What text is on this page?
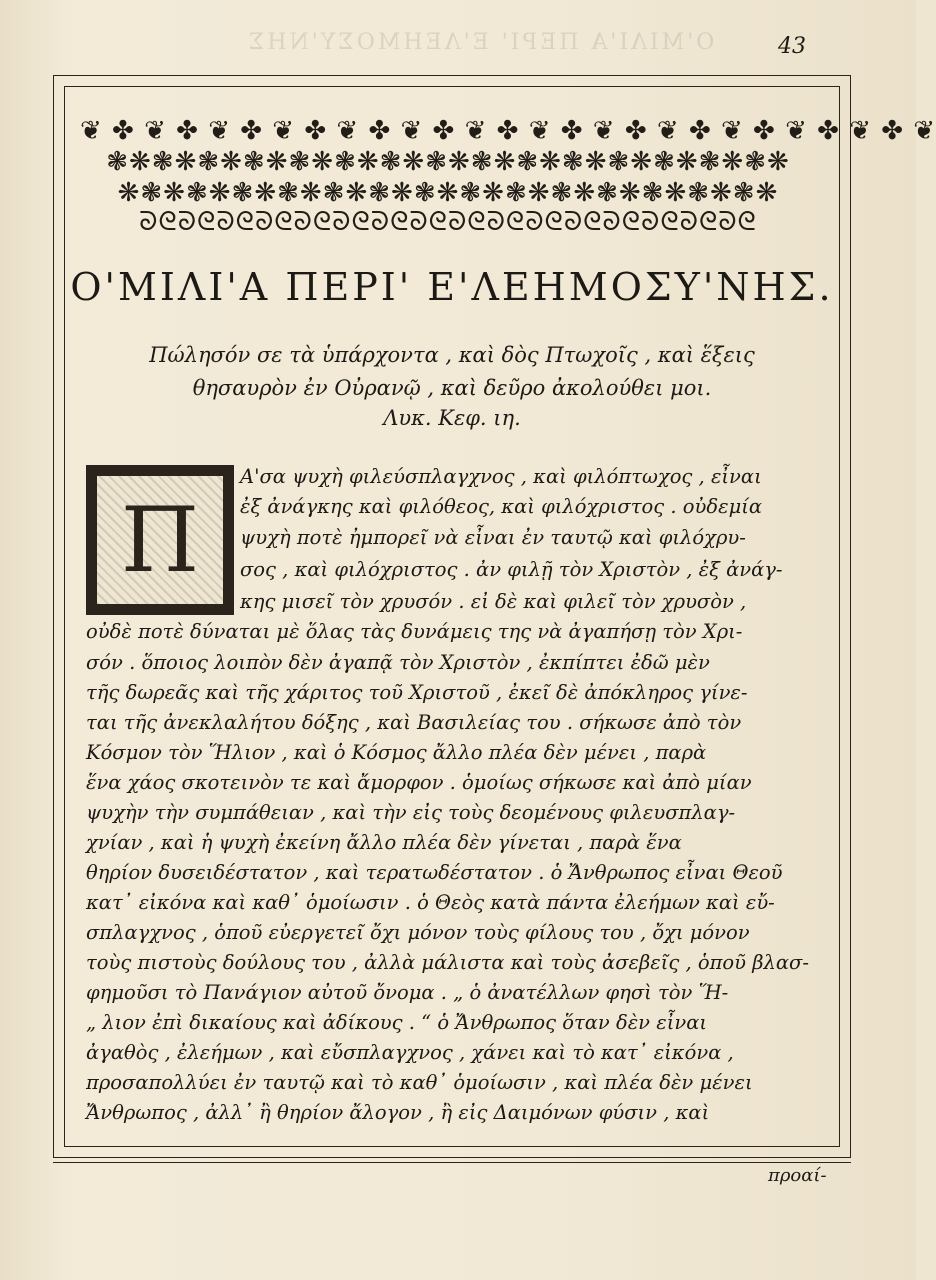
Ο'ΜΙΛΙ'Α ΠΕΡΙ' Ε'ΛΕΗΜΟΣΥ'ΝΗΣ	43
❦ ✤ ❦ ✤ ❦ ✤ ❦ ✤ ❦ ✤ ❦ ✤ ❦ ✤ ❦ ✤ ❦ ✤ ❦ ✤ ❦ ✤ ❦ ✤ ❦ ✤ ❦
❃❋❃❋❃❋❃❋❃❋❃❋❃❋❃❋❃❋❃❋❃❋❃❋❃❋❃❋❃❋
❋❃❋❃❋❃❋❃❋❃❋❃❋❃❋❃❋❃❋❃❋❃❋❃❋❃❋❃❋
ᘐᘓᘐᘓᘐᘓᘐᘓᘐᘓᘐᘓᘐᘓᘐᘓᘐᘓᘐᘓᘐᘓᘐᘓᘐᘓᘐᘓᘐᘓᘐᘓ
Ο'ΜΙΛΙ'Α ΠΕΡΙ' Ε'ΛΕΗΜΟΣΥ'ΝΗΣ.
Πώλησόν σε τὰ ὑπάρχοντα , καὶ δὸς Πτωχοῖς , καὶ ἕξεις
θησαυρὸν ἐν Οὐρανῷ , καὶ δεῦρο ἀκολούθει μοι.
Λυκ. Κεφ. ιη.
Π
Α'σα ψυχὴ φιλεύσπλαγχνος , καὶ φιλόπτωχος , εἶναι
ἐξ ἀνάγκης καὶ φιλόθεος, καὶ φιλόχριστος . οὐδεμία
ψυχὴ ποτὲ ἠμπορεῖ νὰ εἶναι ἐν ταυτῷ καὶ φιλόχρυ-
σος , καὶ φιλόχριστος . ἀν φιλῇ τὸν Χριστὸν , ἐξ ἀνάγ-
κης μισεῖ τὸν χρυσόν . εἰ δὲ καὶ φιλεῖ τὸν χρυσὸν ,
οὐδὲ ποτὲ δύναται μὲ ὅλας τὰς δυνάμεις της νὰ ἀγαπήσῃ τὸν Χρι-
σόν . ὅποιος λοιπὸν δὲν ἀγαπᾷ τὸν Χριστὸν , ἐκπίπτει ἐδῶ μὲν
τῆς δωρεᾶς καὶ τῆς χάριτος τοῦ Χριστοῦ , ἐκεῖ δὲ ἀπόκληρος γίνε-
ται τῆς ἀνεκλαλήτου δόξης , καὶ Βασιλείας του . σήκωσε ἀπὸ τὸν
Κόσμον τὸν Ἥλιον , καὶ ὁ Κόσμος ἄλλο πλέα δὲν μένει , παρὰ
ἕνα χάος σκοτεινὸν τε καὶ ἄμορφον . ὁμοίως σήκωσε καὶ ἀπὸ μίαν
ψυχὴν τὴν συμπάθειαν , καὶ τὴν εἰς τοὺς δεομένους φιλευσπλαγ-
χνίαν , καὶ ἡ ψυχὴ ἐκείνη ἄλλο πλέα δὲν γίνεται , παρὰ ἕνα
θηρίον δυσειδέστατον , καὶ τερατωδέστατον . ὁ Ἄνθρωπος εἶναι Θεοῦ
κατ᾽ εἰκόνα καὶ καθ᾽ ὁμοίωσιν . ὁ Θεὸς κατὰ πάντα ἐλεήμων καὶ εὔ-
σπλαγχνος , ὁποῦ εὐεργετεῖ ὄχι μόνον τοὺς φίλους του , ὄχι μόνον
τοὺς πιστοὺς δούλους του , ἀλλὰ μάλιστα καὶ τοὺς ἀσεβεῖς , ὁποῦ βλασ-
φημοῦσι τὸ Πανάγιον αὐτοῦ ὄνομα . „ ὁ ἀνατέλλων φησὶ τὸν Ἥ-
„ λιον ἐπὶ δικαίους καὶ ἀδίκους . “ ὁ Ἄνθρωπος ὅταν δὲν εἶναι
ἀγαθὸς , ἐλεήμων , καὶ εὔσπλαγχνος , χάνει καὶ τὸ κατ᾽ εἰκόνα ,
προσαπολλύει ἐν ταυτῷ καὶ τὸ καθ᾽ ὁμοίωσιν , καὶ πλέα δὲν μένει
Ἄνθρωπος , ἀλλ᾽ ἢ θηρίον ἄλογον , ἢ εἰς Δαιμόνων φύσιν , καὶ
προαί-
